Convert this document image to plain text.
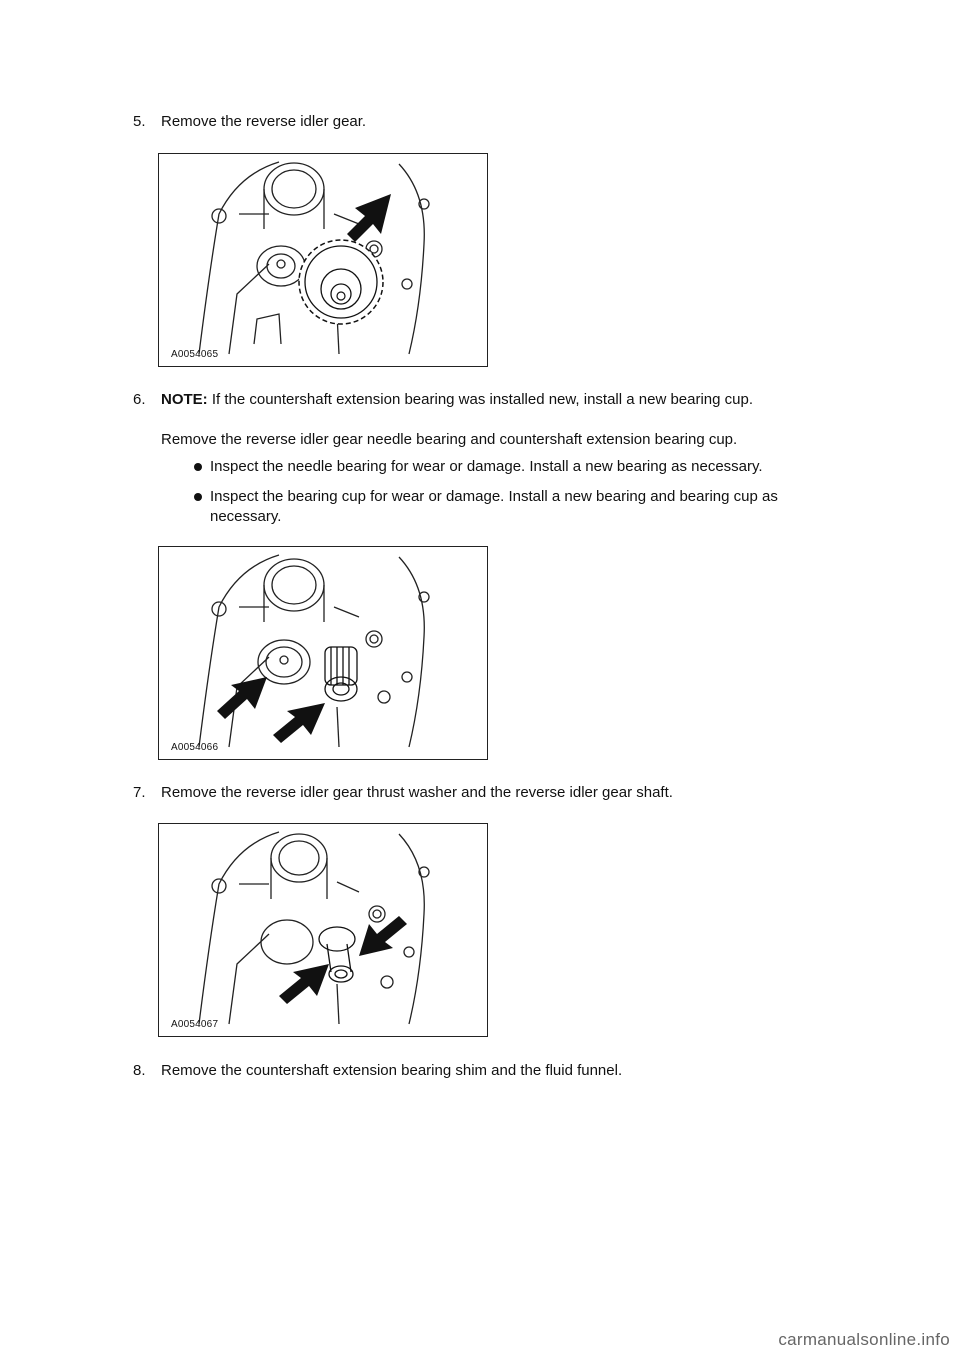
5. Remove the reverse idler gear.
A0054065
6. NOTE: If the countershaft extension bearing was installed new, install a new bearing cup.
Remove the reverse idler gear needle bearing and countershaft extension bearing cup.
Inspect the needle bearing for wear or damage. Install a new bearing as necessary.
Inspect the bearing cup for wear or damage. Install a new bearing and bearing cup as necessary.
A0054066
7. Remove the reverse idler gear thrust washer and the reverse idler gear shaft.
A0054067
8. Remove the countershaft extension bearing shim and the fluid funnel.
carmanualsonline.info
